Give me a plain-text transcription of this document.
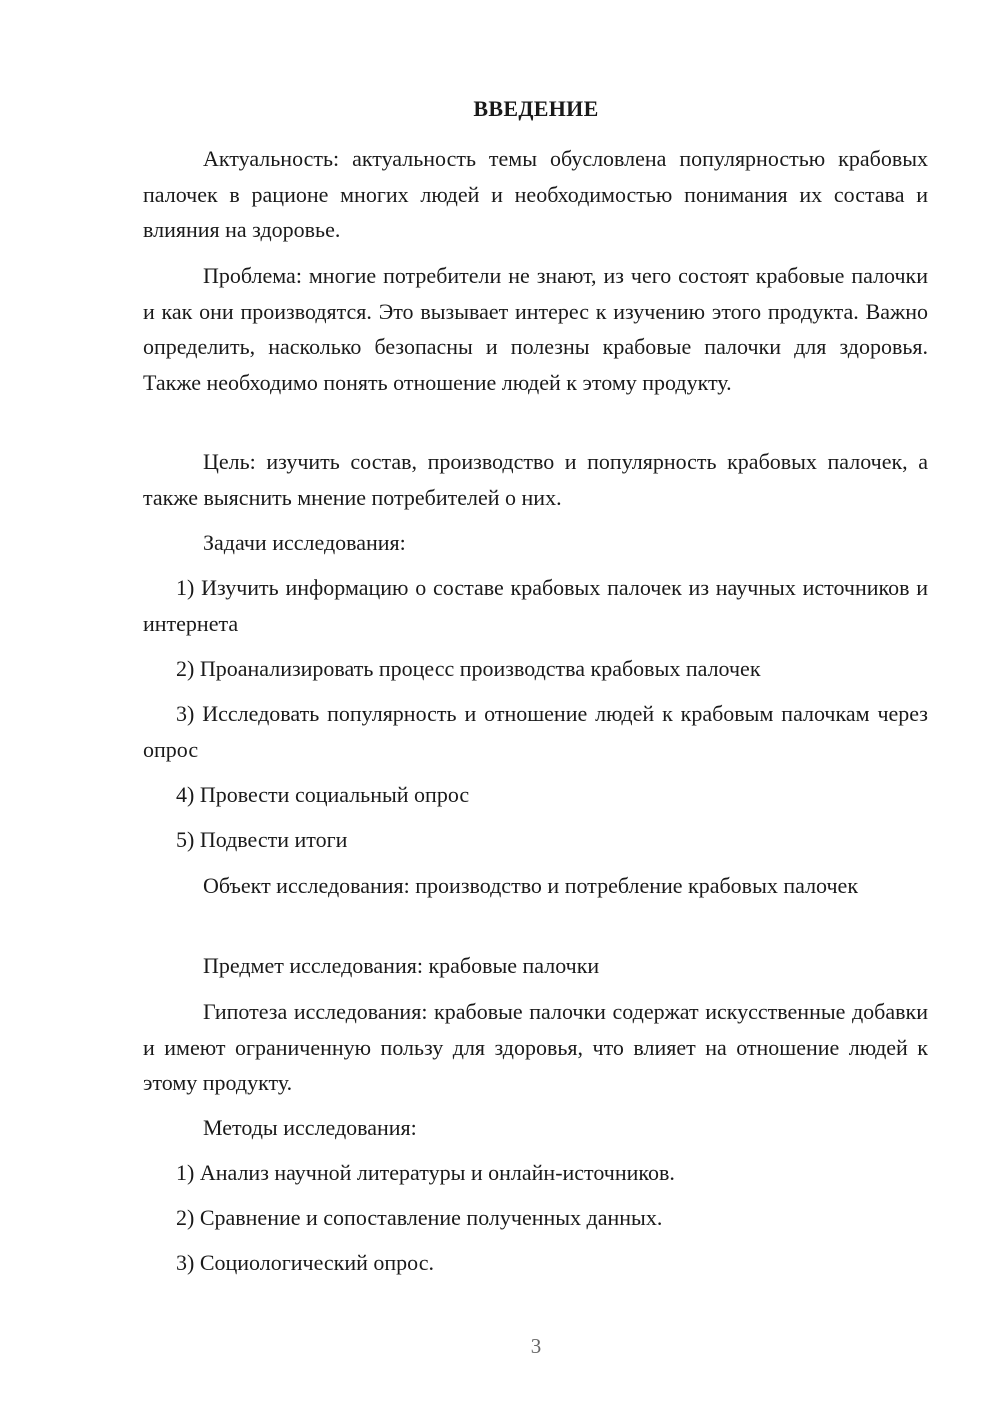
ВВЕДЕНИЕ

Актуальность: актуальность темы обусловлена популярностью крабовых палочек в рационе многих людей и необходимостью понимания их состава и влияния на здоровье.

Проблема: многие потребители не знают, из чего состоят крабовые палочки и как они производятся. Это вызывает интерес к изучению этого продукта. Важно определить, насколько безопасны и полезны крабовые палочки для здоровья. Также необходимо понять отношение людей к этому продукту.

Цель: изучить состав, производство и популярность крабовых палочек, а также выяснить мнение потребителей о них.

Задачи исследования:

1) Изучить информацию о составе крабовых палочек из научных источников и интернета

2) Проанализировать процесс производства крабовых палочек

3) Исследовать популярность и отношение людей к крабовым палочкам через опрос

4) Провести социальный опрос

5) Подвести итоги

Объект исследования: производство и потребление крабовых палочек

Предмет исследования: крабовые палочки

Гипотеза исследования: крабовые палочки содержат искусственные добавки и имеют ограниченную пользу для здоровья, что влияет на отношение людей к этому продукту.

Методы исследования:

1) Анализ научной литературы и онлайн-источников.

2) Сравнение и сопоставление полученных данных.

3) Социологический опрос.

3
